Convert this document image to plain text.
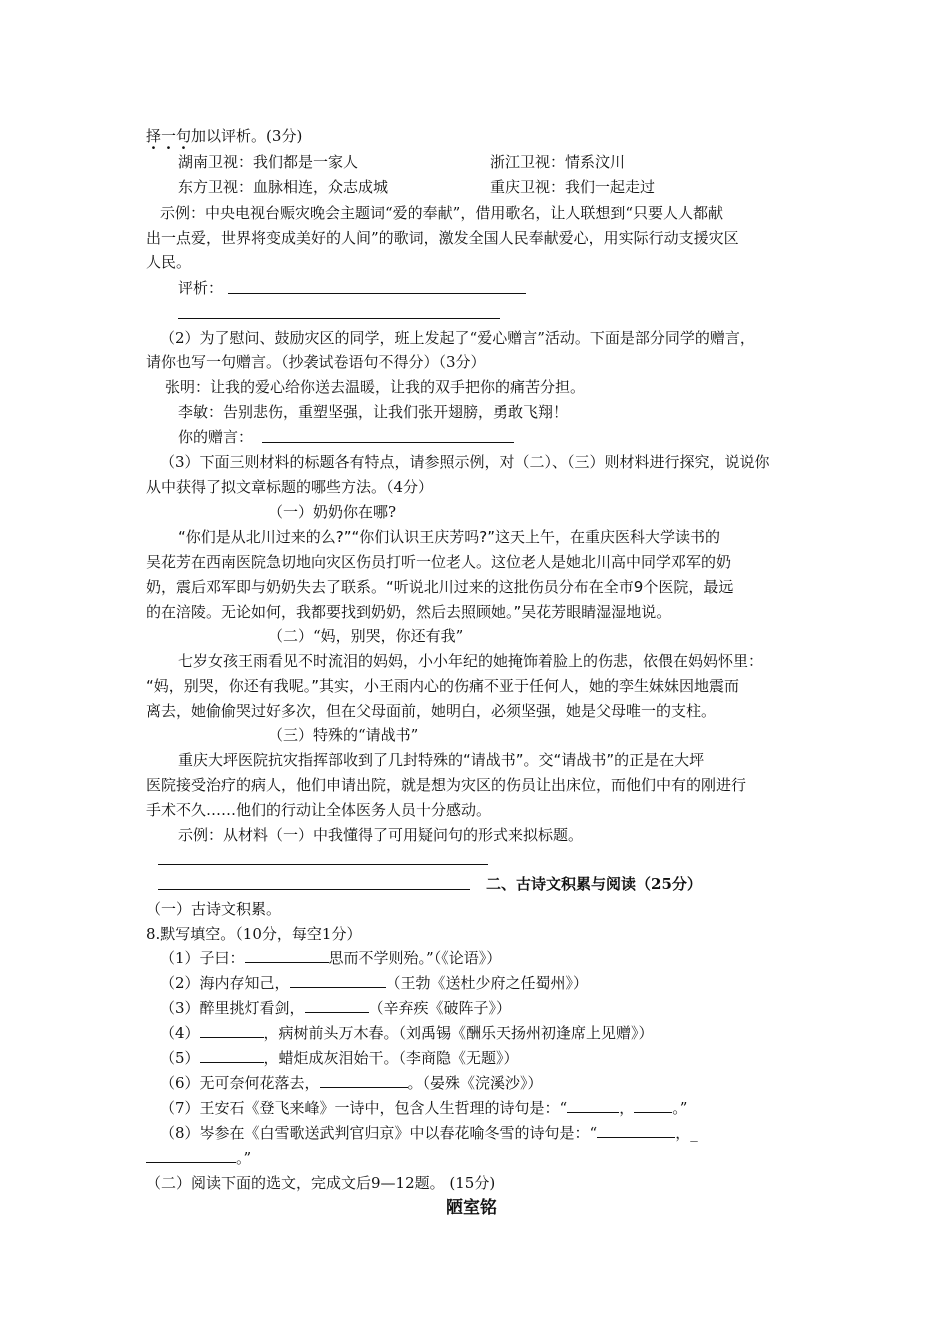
择一句加以评析。(3分)
湖南卫视：我们都是一家人	浙江卫视：情系汶川
东方卫视：血脉相连，众志成城	重庆卫视：我们一起走过
示例：中央电视台赈灾晚会主题词“爱的奉献”，借用歌名，让人联想到“只要人人都献
出一点爱，世界将变成美好的人间”的歌词，激发全国人民奉献爱心，用实际行动支援灾区
人民。
评析：
（2）为了慰问、鼓励灾区的同学，班上发起了“爱心赠言”活动。下面是部分同学的赠言，
请你也写一句赠言。（抄袭试卷语句不得分）（3分）
张明：让我的爱心给你送去温暖，让我的双手把你的痛苦分担。
李敏：告别悲伤，重塑坚强，让我们张开翅膀，勇敢飞翔！
你的赠言：
（3）下面三则材料的标题各有特点，请参照示例，对（二）、（三）则材料进行探究，说说你
从中获得了拟文章标题的哪些方法。（4分）
（一）奶奶你在哪?
“你们是从北川过来的么?”“你们认识王庆芳吗?”这天上午，在重庆医科大学读书的
吴花芳在西南医院急切地向灾区伤员打听一位老人。这位老人是她北川高中同学邓军的奶
奶，震后邓军即与奶奶失去了联系。“听说北川过来的这批伤员分布在全市9个医院，最远
的在涪陵。无论如何，我都要找到奶奶，然后去照顾她。”吴花芳眼睛湿湿地说。
（二）“妈，别哭，你还有我”
七岁女孩王雨看见不时流泪的妈妈，小小年纪的她掩饰着脸上的伤悲，依偎在妈妈怀里：
“妈，别哭，你还有我呢。”其实，小王雨内心的伤痛不亚于任何人，她的孪生妹妹因地震而
离去，她偷偷哭过好多次，但在父母面前，她明白，必须坚强，她是父母唯一的支柱。
（三）特殊的“请战书”
重庆大坪医院抗灾指挥部收到了几封特殊的“请战书”。交“请战书”的正是在大坪
医院接受治疗的病人，他们申请出院，就是想为灾区的伤员让出床位，而他们中有的刚进行
手术不久……他们的行动让全体医务人员十分感动。
示例：从材料（一）中我懂得了可用疑问句的形式来拟标题。
二、古诗文积累与阅读（25分）
（一）古诗文积累。
8.默写填空。（10分，每空1分）
（1）子曰：	思而不学则殆。”（《论语》）
（2）海内存知己，	（王勃《送杜少府之任蜀州》）
（3）醉里挑灯看剑，	（辛弃疾《破阵子》）
（4）	，病树前头万木春。（刘禹锡《酬乐天扬州初逢席上见赠》）
（5）	，蜡炬成灰泪始干。（李商隐《无题》）
（6）无可奈何花落去，	。（晏殊《浣溪沙》）
（7）王安石《登飞来峰》一诗中，包含人生哲理的诗句是：“	，	。”
（8）岑参在《白雪歌送武判官归京》中以春花喻冬雪的诗句是：“	，_
。”
（二）阅读下面的选文，完成文后9—12题。 (15分)
陋室铭
